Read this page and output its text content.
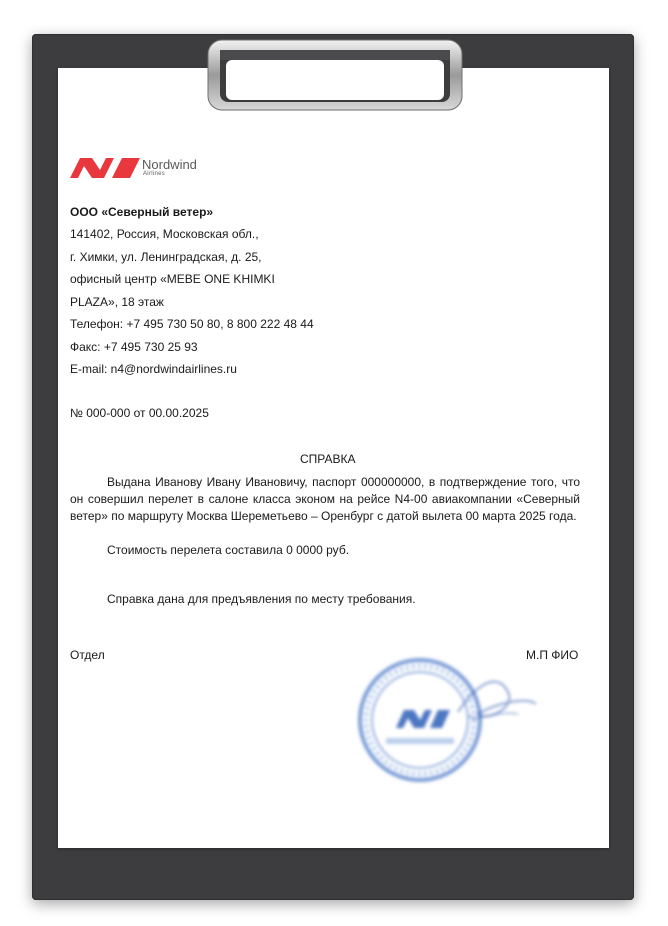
Nordwind
Airlines
ООО «Северный ветер»
141402, Россия, Московская обл.,
г. Химки, ул. Ленинградская, д. 25,
офисный центр «MEBE ONE KHIMKI
PLAZA», 18 этаж
Телефон: +7 495 730 50 80, 8 800 222 48 44
Факс: +7 495 730 25 93
E-mail: n4@nordwindairlines.ru
№ 000-000 от 00.00.2025
СПРАВКА
Выдана Иванову Ивану Ивановичу, паспорт 000000000, в подтверждение того, что он совершил перелет в салоне класса эконом на рейсе N4-00 авиакомпании «Северный ветер» по маршруту Москва Шереметьево – Оренбург с датой вылета 00 марта 2025 года.
Стоимость перелета составила 0 0000 руб.
Справка дана для предъявления по месту требования.
Отдел	М.П ФИО
